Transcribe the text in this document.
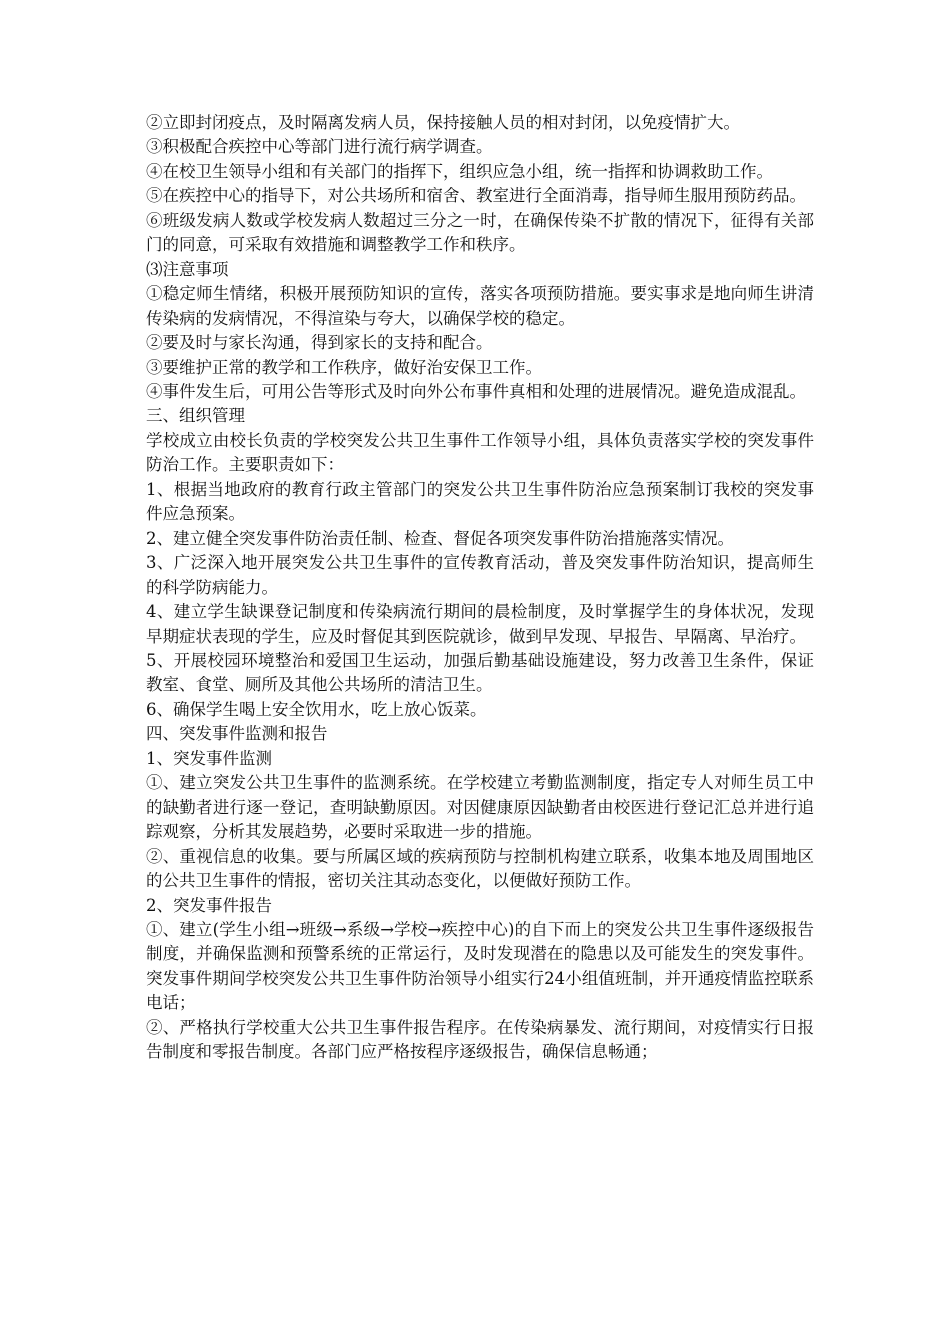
②立即封闭疫点，及时隔离发病人员，保持接触人员的相对封闭，以免疫情扩大。

③积极配合疾控中心等部门进行流行病学调查。

④在校卫生领导小组和有关部门的指挥下，组织应急小组，统一指挥和协调救助工作。

⑤在疾控中心的指导下，对公共场所和宿舍、教室进行全面消毒，指导师生服用预防药品。

⑥班级发病人数或学校发病人数超过三分之一时，在确保传染不扩散的情况下，征得有关部门的同意，可采取有效措施和调整教学工作和秩序。

⑶注意事项

①稳定师生情绪，积极开展预防知识的宣传，落实各项预防措施。要实事求是地向师生讲清传染病的发病情况，不得渲染与夸大，以确保学校的稳定。

②要及时与家长沟通，得到家长的支持和配合。

③要维护正常的教学和工作秩序，做好治安保卫工作。

④事件发生后，可用公告等形式及时向外公布事件真相和处理的进展情况。避免造成混乱。

三、组织管理

学校成立由校长负责的学校突发公共卫生事件工作领导小组，具体负责落实学校的突发事件防治工作。主要职责如下：

1、根据当地政府的教育行政主管部门的突发公共卫生事件防治应急预案制订我校的突发事件应急预案。

2、建立健全突发事件防治责任制、检查、督促各项突发事件防治措施落实情况。

3、广泛深入地开展突发公共卫生事件的宣传教育活动，普及突发事件防治知识，提高师生的科学防病能力。

4、建立学生缺课登记制度和传染病流行期间的晨检制度，及时掌握学生的身体状况，发现早期症状表现的学生，应及时督促其到医院就诊，做到早发现、早报告、早隔离、早治疗。

5、开展校园环境整治和爱国卫生运动，加强后勤基础设施建设，努力改善卫生条件，保证教室、食堂、厕所及其他公共场所的清洁卫生。

6、确保学生喝上安全饮用水，吃上放心饭菜。

四、突发事件监测和报告

1、突发事件监测

①、建立突发公共卫生事件的监测系统。在学校建立考勤监测制度，指定专人对师生员工中的缺勤者进行逐一登记，查明缺勤原因。对因健康原因缺勤者由校医进行登记汇总并进行追踪观察，分析其发展趋势，必要时采取进一步的措施。

②、重视信息的收集。要与所属区域的疾病预防与控制机构建立联系，收集本地及周围地区的公共卫生事件的情报，密切关注其动态变化，以便做好预防工作。

2、突发事件报告

①、建立(学生小组→班级→系级→学校→疾控中心)的自下而上的突发公共卫生事件逐级报告制度，并确保监测和预警系统的正常运行，及时发现潜在的隐患以及可能发生的突发事件。突发事件期间学校突发公共卫生事件防治领导小组实行24小组值班制，并开通疫情监控联系电话；

②、严格执行学校重大公共卫生事件报告程序。在传染病暴发、流行期间，对疫情实行日报告制度和零报告制度。各部门应严格按程序逐级报告，确保信息畅通；
